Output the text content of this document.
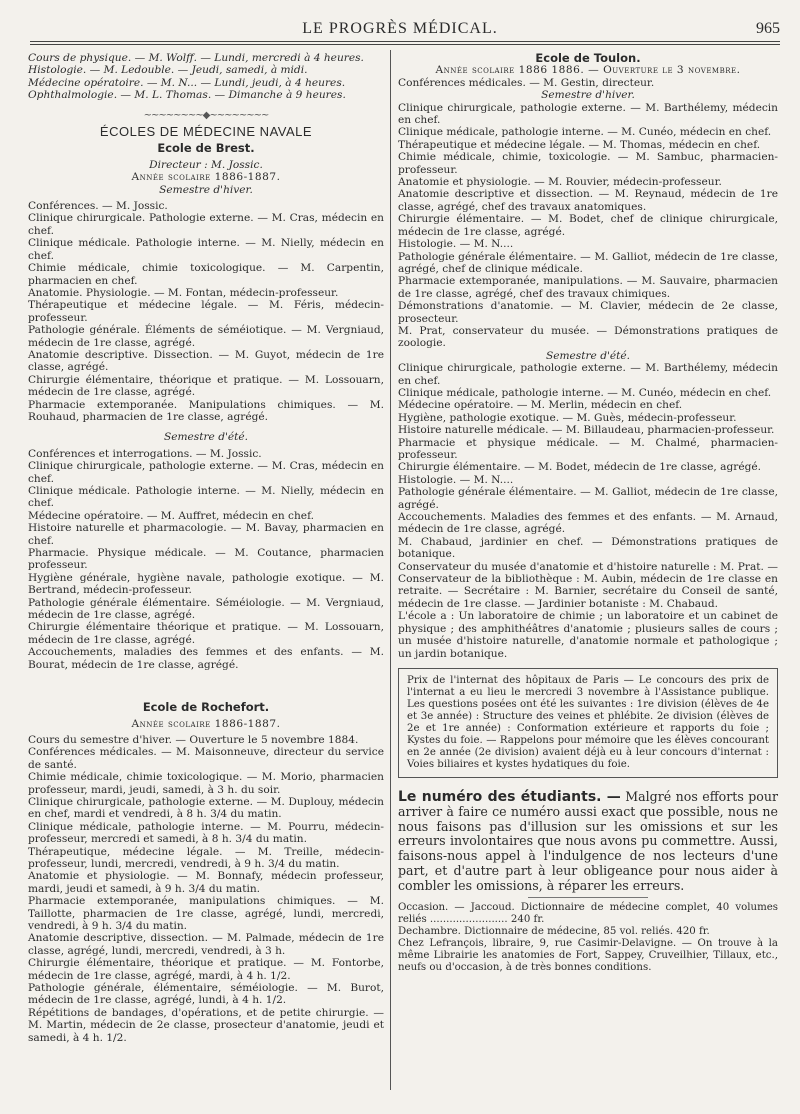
LE PROGRÈS MÉDICAL.	965

Cours de physique. — M. Wolff. — Lundi, mercredi à 4 heures.

Histologie. — M. Ledouble. — Jeudi, samedi, à midi.

Médecine opératoire. — M. N... — Lundi, jeudi, à 4 heures.

Ophthalmologie. — M. L. Thomas. — Dimanche à 9 heures.

~~~~~~~~◆~~~~~~~~
ÉCOLES DE MÉDECINE NAVALE
Ecole de Brest.

Directeur : M. Jossic.

Année scolaire 1886-1887.

Semestre d'hiver.

Conférences. — M. Jossic.

Clinique chirurgicale. Pathologie externe. — M. Cras, médecin en chef.

Clinique médicale. Pathologie interne. — M. Nielly, médecin en chef.

Chimie médicale, chimie toxicologique. — M. Carpentin, pharmacien en chef.

Anatomie. Physiologie. — M. Fontan, médecin-professeur.

Thérapeutique et médecine légale. — M. Féris, médecin-professeur.

Pathologie générale. Éléments de séméiotique. — M. Vergniaud, médecin de 1re classe, agrégé.

Anatomie descriptive. Dissection. — M. Guyot, médecin de 1re classe, agrégé.

Chirurgie élémentaire, théorique et pratique. — M. Lossouarn, médecin de 1re classe, agrégé.

Pharmacie extemporanée. Manipulations chimiques. — M. Rouhaud, pharmacien de 1re classe, agrégé.

Semestre d'été.

Conférences et interrogations. — M. Jossic.

Clinique chirurgicale, pathologie externe. — M. Cras, médecin en chef.

Clinique médicale. Pathologie interne. — M. Nielly, médecin en chef.

Médecine opératoire. — M. Auffret, médecin en chef.

Histoire naturelle et pharmacologie. — M. Bavay, pharmacien en chef.

Pharmacie. Physique médicale. — M. Coutance, pharmacien professeur.

Hygiène générale, hygiène navale, pathologie exotique. — M. Bertrand, médecin-professeur.

Pathologie générale élémentaire. Séméiologie. — M. Vergniaud, médecin de 1re classe, agrégé.

Chirurgie élémentaire théorique et pratique. — M. Lossouarn, médecin de 1re classe, agrégé.

Accouchements, maladies des femmes et des enfants. — M. Bourat, médecin de 1re classe, agrégé.

Ecole de Rochefort.

Année scolaire 1886-1887.

Cours du semestre d'hiver. — Ouverture le 5 novembre 1884.

Conférences médicales. — M. Maisonneuve, directeur du service de santé.

Chimie médicale, chimie toxicologique. — M. Morio, pharmacien professeur, mardi, jeudi, samedi, à 3 h. du soir.

Clinique chirurgicale, pathologie externe. — M. Duplouy, médecin en chef, mardi et vendredi, à 8 h. 3/4 du matin.

Clinique médicale, pathologie interne. — M. Pourru, médecin-professeur, mercredi et samedi, à 8 h. 3/4 du matin.

Thérapeutique, médecine légale. — M. Treille, médecin-professeur, lundi, mercredi, vendredi, à 9 h. 3/4 du matin.

Anatomie et physiologie. — M. Bonnafy, médecin professeur, mardi, jeudi et samedi, à 9 h. 3/4 du matin.

Pharmacie extemporanée, manipulations chimiques. — M. Taillotte, pharmacien de 1re classe, agrégé, lundi, mercredi, vendredi, à 9 h. 3/4 du matin.

Anatomie descriptive, dissection. — M. Palmade, médecin de 1re classe, agrégé, lundi, mercredi, vendredi, à 3 h.

Chirurgie élémentaire, théorique et pratique. — M. Fontorbe, médecin de 1re classe, agrégé, mardi, à 4 h. 1/2.

Pathologie générale, élémentaire, séméiologie. — M. Burot, médecin de 1re classe, agrégé, lundi, à 4 h. 1/2.

Répétitions de bandages, d'opérations, et de petite chirurgie. — M. Martin, médecin de 2e classe, prosecteur d'anatomie, jeudi et samedi, à 4 h. 1/2.

Ecole de Toulon.

Année scolaire 1886 1886. — Ouverture le 3 novembre.

Conférences médicales. — M. Gestin, directeur.

Semestre d'hiver.

Clinique chirurgicale, pathologie externe. — M. Barthélemy, médecin en chef.

Clinique médicale, pathologie interne. — M. Cunéo, médecin en chef.

Thérapeutique et médecine légale. — M. Thomas, médecin en chef.

Chimie médicale, chimie, toxicologie. — M. Sambuc, pharmacien-professeur.

Anatomie et physiologie. — M. Rouvier, médecin-professeur.

Anatomie descriptive et dissection. — M. Reynaud, médecin de 1re classe, agrégé, chef des travaux anatomiques.

Chirurgie élémentaire. — M. Bodet, chef de clinique chirurgicale, médecin de 1re classe, agrégé.

Histologie. — M. N....

Pathologie générale élémentaire. — M. Galliot, médecin de 1re classe, agrégé, chef de clinique médicale.

Pharmacie extemporanée, manipulations. — M. Sauvaire, pharmacien de 1re classe, agrégé, chef des travaux chimiques.

Démonstrations d'anatomie. — M. Clavier, médecin de 2e classe, prosecteur.

M. Prat, conservateur du musée. — Démonstrations pratiques de zoologie.

Semestre d'été.

Clinique chirurgicale, pathologie externe. — M. Barthélemy, médecin en chef.

Clinique médicale, pathologie interne. — M. Cunéo, médecin en chef.

Médecine opératoire. — M. Merlin, médecin en chef.

Hygiène, pathologie exotique. — M. Guès, médecin-professeur.

Histoire naturelle médicale. — M. Billaudeau, pharmacien-professeur.

Pharmacie et physique médicale. — M. Chalmé, pharmacien-professeur.

Chirurgie élémentaire. — M. Bodet, médecin de 1re classe, agrégé.

Histologie. — M. N....

Pathologie générale élémentaire. — M. Galliot, médecin de 1re classe, agrégé.

Accouchements. Maladies des femmes et des enfants. — M. Arnaud, médecin de 1re classe, agrégé.

M. Chabaud, jardinier en chef. — Démonstrations pratiques de botanique.

Conservateur du musée d'anatomie et d'histoire naturelle : M. Prat. — Conservateur de la bibliothèque : M. Aubin, médecin de 1re classe en retraite. — Secrétaire : M. Barnier, secrétaire du Conseil de santé, médecin de 1re classe. — Jardinier botaniste : M. Chabaud.

L'école a : Un laboratoire de chimie ; un laboratoire et un cabinet de physique ; des amphithéâtres d'anatomie ; plusieurs salles de cours ; un musée d'histoire naturelle, d'anatomie normale et pathologique ; un jardin botanique.

Prix de l'internat des hôpitaux de Paris — Le concours des prix de l'internat a eu lieu le mercredi 3 novembre à l'Assistance publique. Les questions posées ont été les suivantes : 1re division (élèves de 4e et 3e année) : Structure des veines et phlébite. 2e division (élèves de 2e et 1re année) : Conformation extérieure et rapports du foie ; Kystes du foie. — Rappelons pour mémoire que les élèves concourant en 2e année (2e division) avaient déjà eu à leur concours d'internat : Voies biliaires et kystes hydatiques du foie.

Le numéro des étudiants. — Malgré nos efforts pour arriver à faire ce numéro aussi exact que possible, nous ne nous faisons pas d'illusion sur les omissions et sur les erreurs involontaires que nous avons pu commettre. Aussi, faisons-nous appel à l'indulgence de nos lecteurs d'une part, et d'autre part à leur obligeance pour nous aider à combler les omissions, à réparer les erreurs.

Occasion. — Jaccoud. Dictionnaire de médecine complet, 40 volumes reliés ........................ 240 fr.

Dechambre. Dictionnaire de médecine, 85 vol. reliés. 420 fr.

Chez Lefrançois, libraire, 9, rue Casimir-Delavigne. — On trouve à la même Librairie les anatomies de Fort, Sappey, Cruveilhier, Tillaux, etc., neufs ou d'occasion, à de très bonnes conditions.
